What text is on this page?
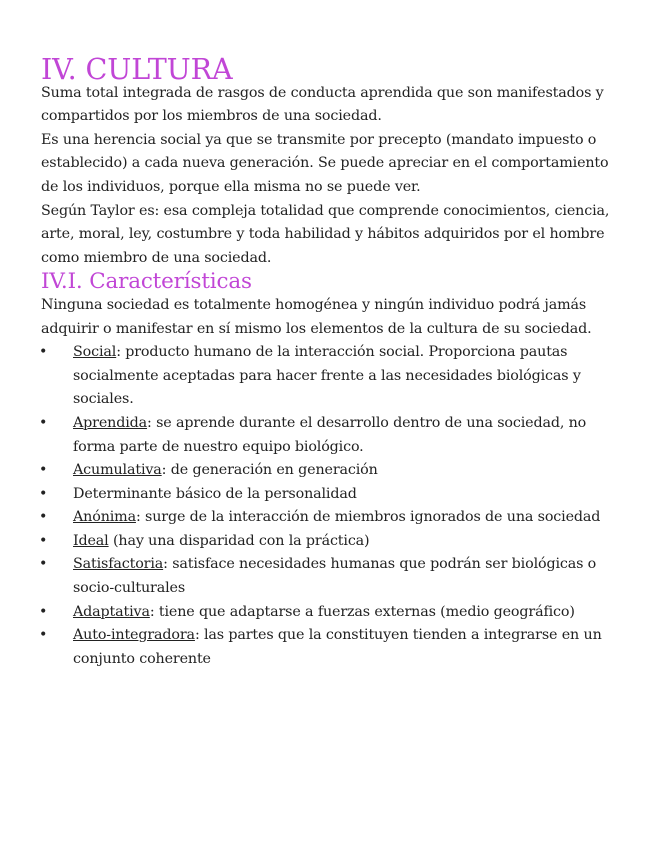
IV. CULTURA

Suma total integrada de rasgos de conducta aprendida que son manifestados y compartidos por los miembros de una sociedad.

Es una herencia social ya que se transmite por precepto (mandato impuesto o establecido) a cada nueva generación. Se puede apreciar en el comportamiento de los individuos, porque ella misma no se puede ver.

Según Taylor es: esa compleja totalidad que comprende conocimientos, ciencia, arte, moral, ley, costumbre y toda habilidad y hábitos adquiridos por el hombre como miembro de una sociedad.

IV.I. Características

Ninguna sociedad es totalmente homogénea y ningún individuo podrá jamás adquirir o manifestar en sí mismo los elementos de la cultura de su sociedad.

• Social: producto humano de la interacción social. Proporciona pautas socialmente aceptadas para hacer frente a las necesidades biológicas y sociales.
• Aprendida: se aprende durante el desarrollo dentro de una sociedad, no forma parte de nuestro equipo biológico.
• Acumulativa: de generación en generación
• Determinante básico de la personalidad
• Anónima: surge de la interacción de miembros ignorados de una sociedad
• Ideal (hay una disparidad con la práctica)
• Satisfactoria: satisface necesidades humanas que podrán ser biológicas o socio-culturales
• Adaptativa: tiene que adaptarse a fuerzas externas (medio geográfico)
• Auto-integradora: las partes que la constituyen tienden a integrarse en un conjunto coherente
